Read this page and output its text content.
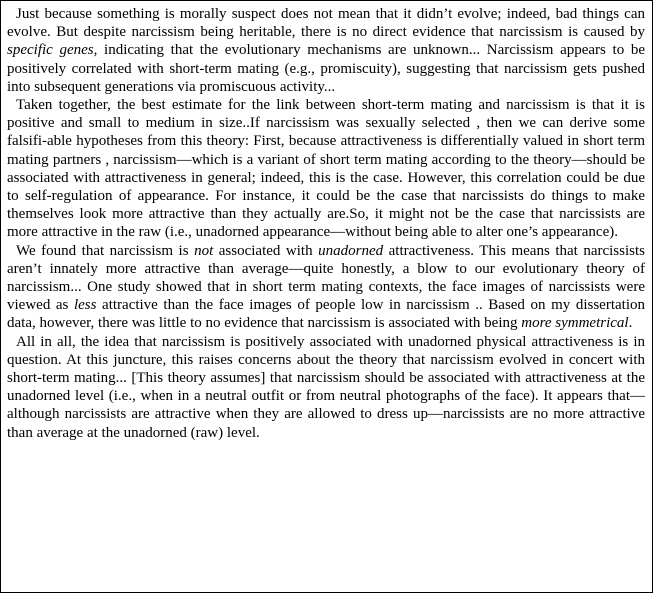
Just because something is morally suspect does not mean that it didn’t evolve; indeed, bad things can evolve. But despite narcissism being heritable, there is no direct evidence that narcissism is caused by specific genes, indicating that the evolutionary mechanisms are unknown... Narcissism appears to be positively correlated with short-term mating (e.g., promiscuity), suggesting that narcissism gets pushed into subsequent generations via promiscuous activity...

Taken together, the best estimate for the link between short-term mating and narcissism is that it is positive and small to medium in size..If narcissism was sexually selected , then we can derive some falsifi-able hypotheses from this theory: First, because attractiveness is differentially valued in short term mating partners , narcissism—which is a variant of short term mating according to the theory—should be associated with attractiveness in general; indeed, this is the case. However, this correlation could be due to self-regulation of appearance. For instance, it could be the case that narcissists do things to make themselves look more attractive than they actually are.So, it might not be the case that narcissists are more attractive in the raw (i.e., unadorned appearance—without being able to alter one’s appearance).

We found that narcissism is not associated with unadorned attractiveness. This means that narcissists aren’t innately more attractive than average—quite honestly, a blow to our evolutionary theory of narcissism... One study showed that in short term mating contexts, the face images of narcissists were viewed as less attractive than the face images of people low in narcissism .. Based on my dissertation data, however, there was little to no evidence that narcissism is associated with being more symmetrical.

All in all, the idea that narcissism is positively associated with unadorned physical attractiveness is in question. At this juncture, this raises concerns about the theory that narcissism evolved in concert with short-term mating... [This theory assumes] that narcissism should be associated with attractiveness at the unadorned level (i.e., when in a neutral outfit or from neutral photographs of the face). It appears that—although narcissists are attractive when they are allowed to dress up—narcissists are no more attractive than average at the unadorned (raw) level.
